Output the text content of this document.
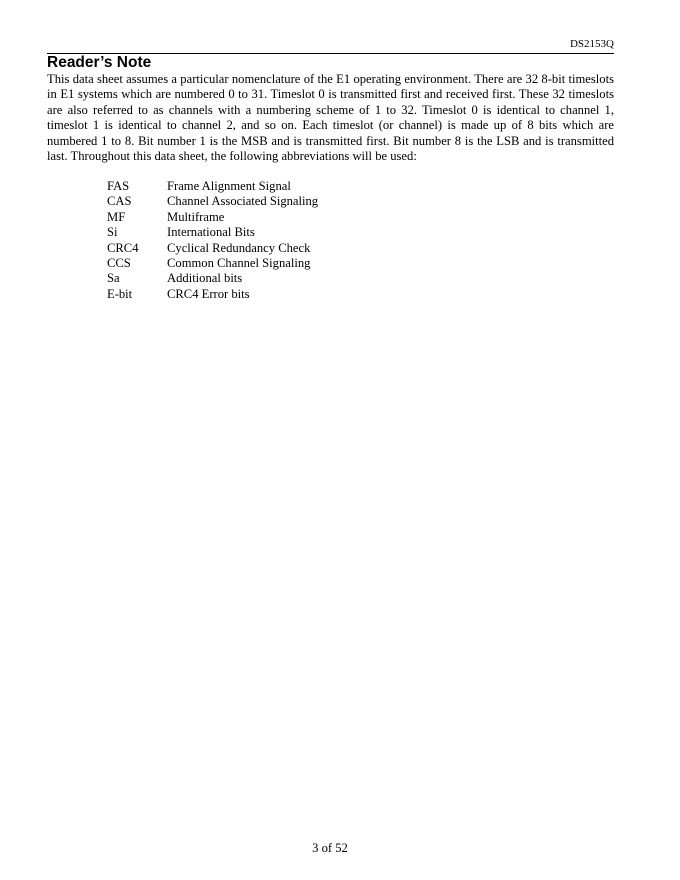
DS2153Q
Reader’s Note

This data sheet assumes a particular nomenclature of the E1 operating environment. There are 32 8-bit timeslots in E1 systems which are numbered 0 to 31. Timeslot 0 is transmitted first and received first. These 32 timeslots are also referred to as channels with a numbering scheme of 1 to 32. Timeslot 0 is identical to channel 1, timeslot 1 is identical to channel 2, and so on. Each timeslot (or channel) is made up of 8 bits which are numbered 1 to 8. Bit number 1 is the MSB and is transmitted first. Bit number 8 is the LSB and is transmitted last. Throughout this data sheet, the following abbreviations will be used:

FAS	Frame Alignment Signal
CAS	Channel Associated Signaling
MF	Multiframe
Si	International Bits
CRC4	Cyclical Redundancy Check
CCS	Common Channel Signaling
Sa	Additional bits
E-bit	CRC4 Error bits
3 of 52
